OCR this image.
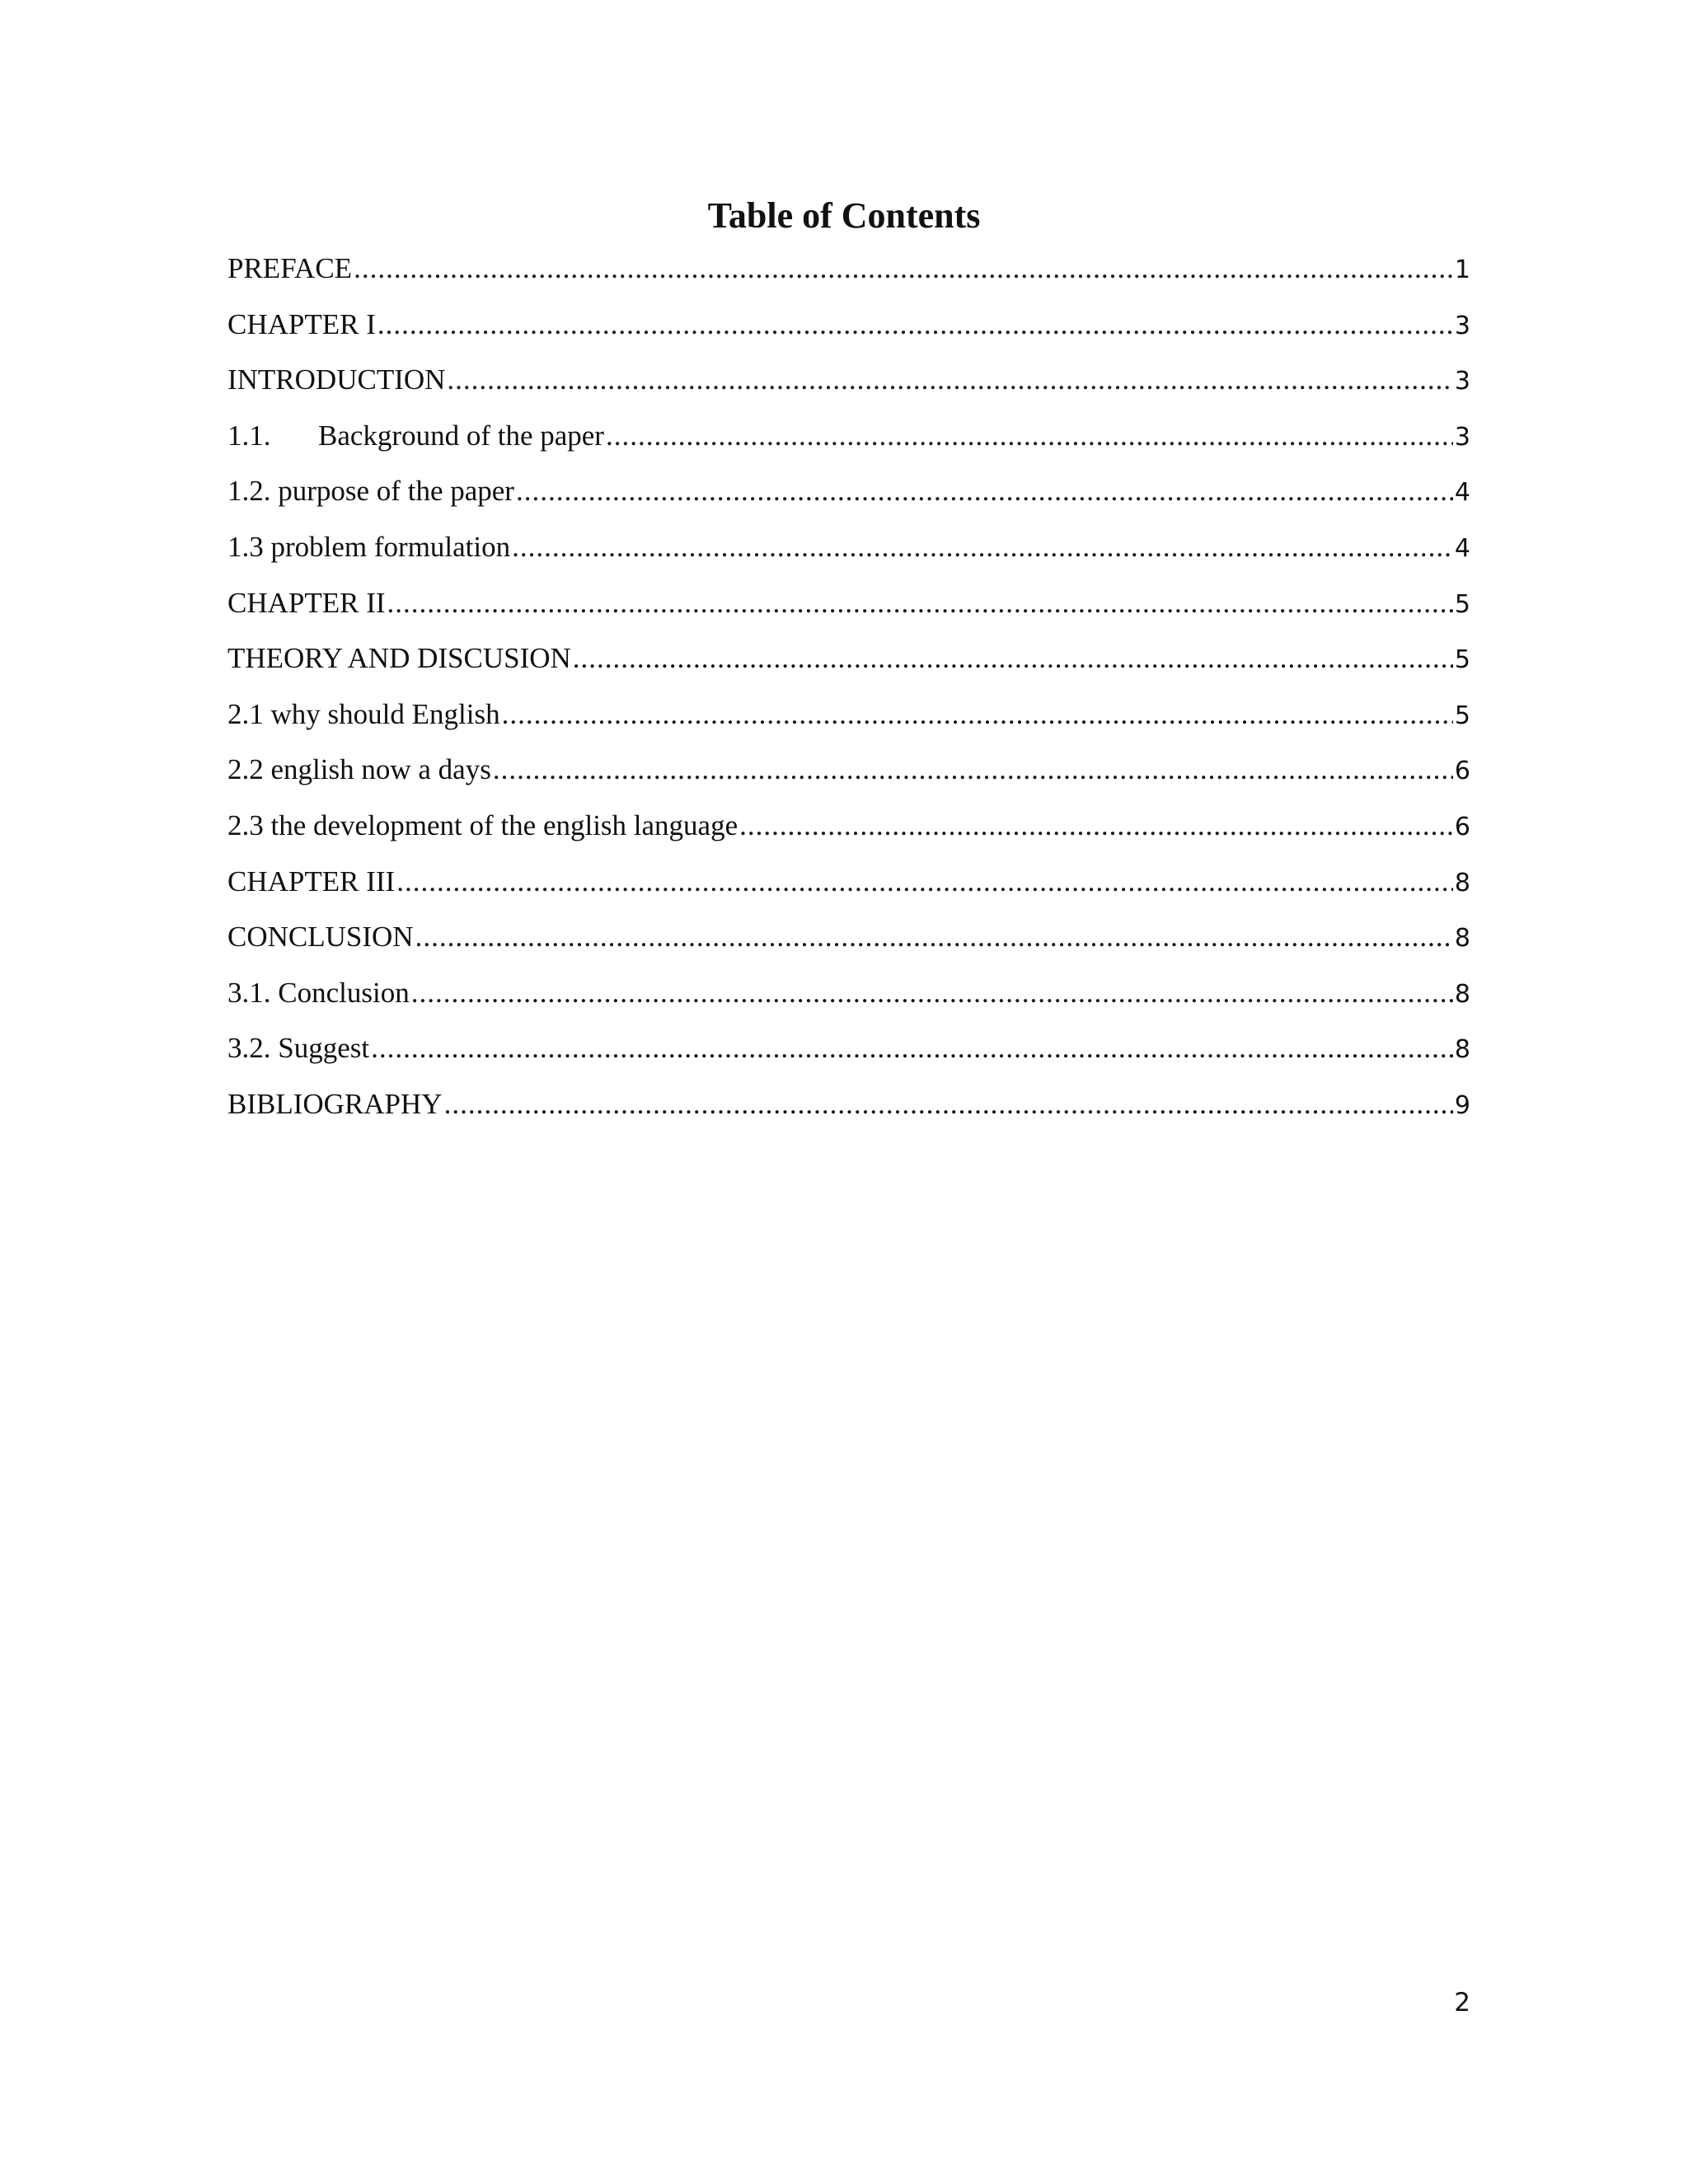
Table of Contents
PREFACE .....	1
CHAPTER I .....	3
INTRODUCTION .....	3
1.1.	Background of the paper .....	3
1.2. purpose of the paper .....	4
1.3 problem formulation .....	4
CHAPTER II .....	5
THEORY AND DISCUSION .....	5
2.1 why should English .....	5
2.2 english now a days .....	6
2.3 the development of the english language .....	6
CHAPTER III .....	8
CONCLUSION .....	8
3.1. Conclusion .....	8
3.2. Suggest .....	8
BIBLIOGRAPHY .....	9
2
